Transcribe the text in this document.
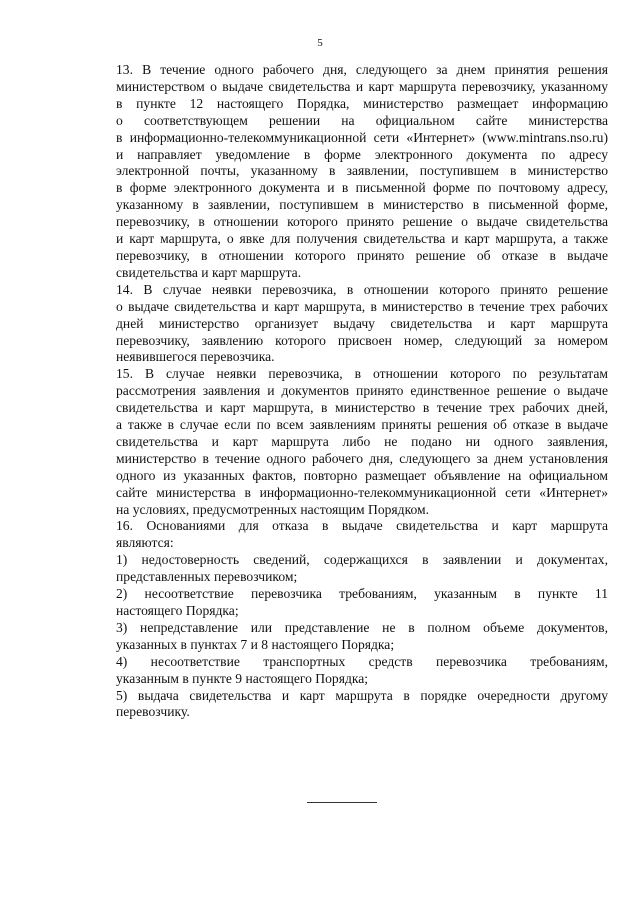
5

13. В течение одного рабочего дня, следующего за днем принятия решения
министерством о выдаче свидетельства и карт маршрута перевозчику, указанному
в пункте 12 настоящего Порядка, министерство размещает информацию
о соответствующем решении на официальном сайте министерства
в информационно-телекоммуникационной сети «Интернет» (www.mintrans.nso.ru)
и направляет уведомление в форме электронного документа по адресу
электронной почты, указанному в заявлении, поступившем в министерство
в форме электронного документа и в письменной форме по почтовому адресу,
указанному в заявлении, поступившем в министерство в письменной форме,
перевозчику, в отношении которого принято решение о выдаче свидетельства
и карт маршрута, о явке для получения свидетельства и карт маршрута, а также
перевозчику, в отношении которого принято решение об отказе в выдаче
свидетельства и карт маршрута.

14. В случае неявки перевозчика, в отношении которого принято решение
о выдаче свидетельства и карт маршрута, в министерство в течение трех рабочих
дней министерство организует выдачу свидетельства и карт маршрута
перевозчику, заявлению которого присвоен номер, следующий за номером
неявившегося перевозчика.

15. В случае неявки перевозчика, в отношении которого по результатам
рассмотрения заявления и документов принято единственное решение о выдаче
свидетельства и карт маршрута, в министерство в течение трех рабочих дней,
а также в случае если по всем заявлениям приняты решения об отказе в выдаче
свидетельства и карт маршрута либо не подано ни одного заявления,
министерство в течение одного рабочего дня, следующего за днем установления
одного из указанных фактов, повторно размещает объявление на официальном
сайте министерства в информационно-телекоммуникационной сети «Интернет»
на условиях, предусмотренных настоящим Порядком.

16. Основаниями для отказа в выдаче свидетельства и карт маршрута
являются:

1) недостоверность сведений, содержащихся в заявлении и документах,
представленных перевозчиком;

2) несоответствие перевозчика требованиям, указанным в пункте 11
настоящего Порядка;

3) непредставление или представление не в полном объеме документов,
указанных в пунктах 7 и 8 настоящего Порядка;

4) несоответствие транспортных средств перевозчика требованиям,
указанным в пункте 9 настоящего Порядка;

5) выдача свидетельства и карт маршрута в порядке очередности другому
перевозчику.
